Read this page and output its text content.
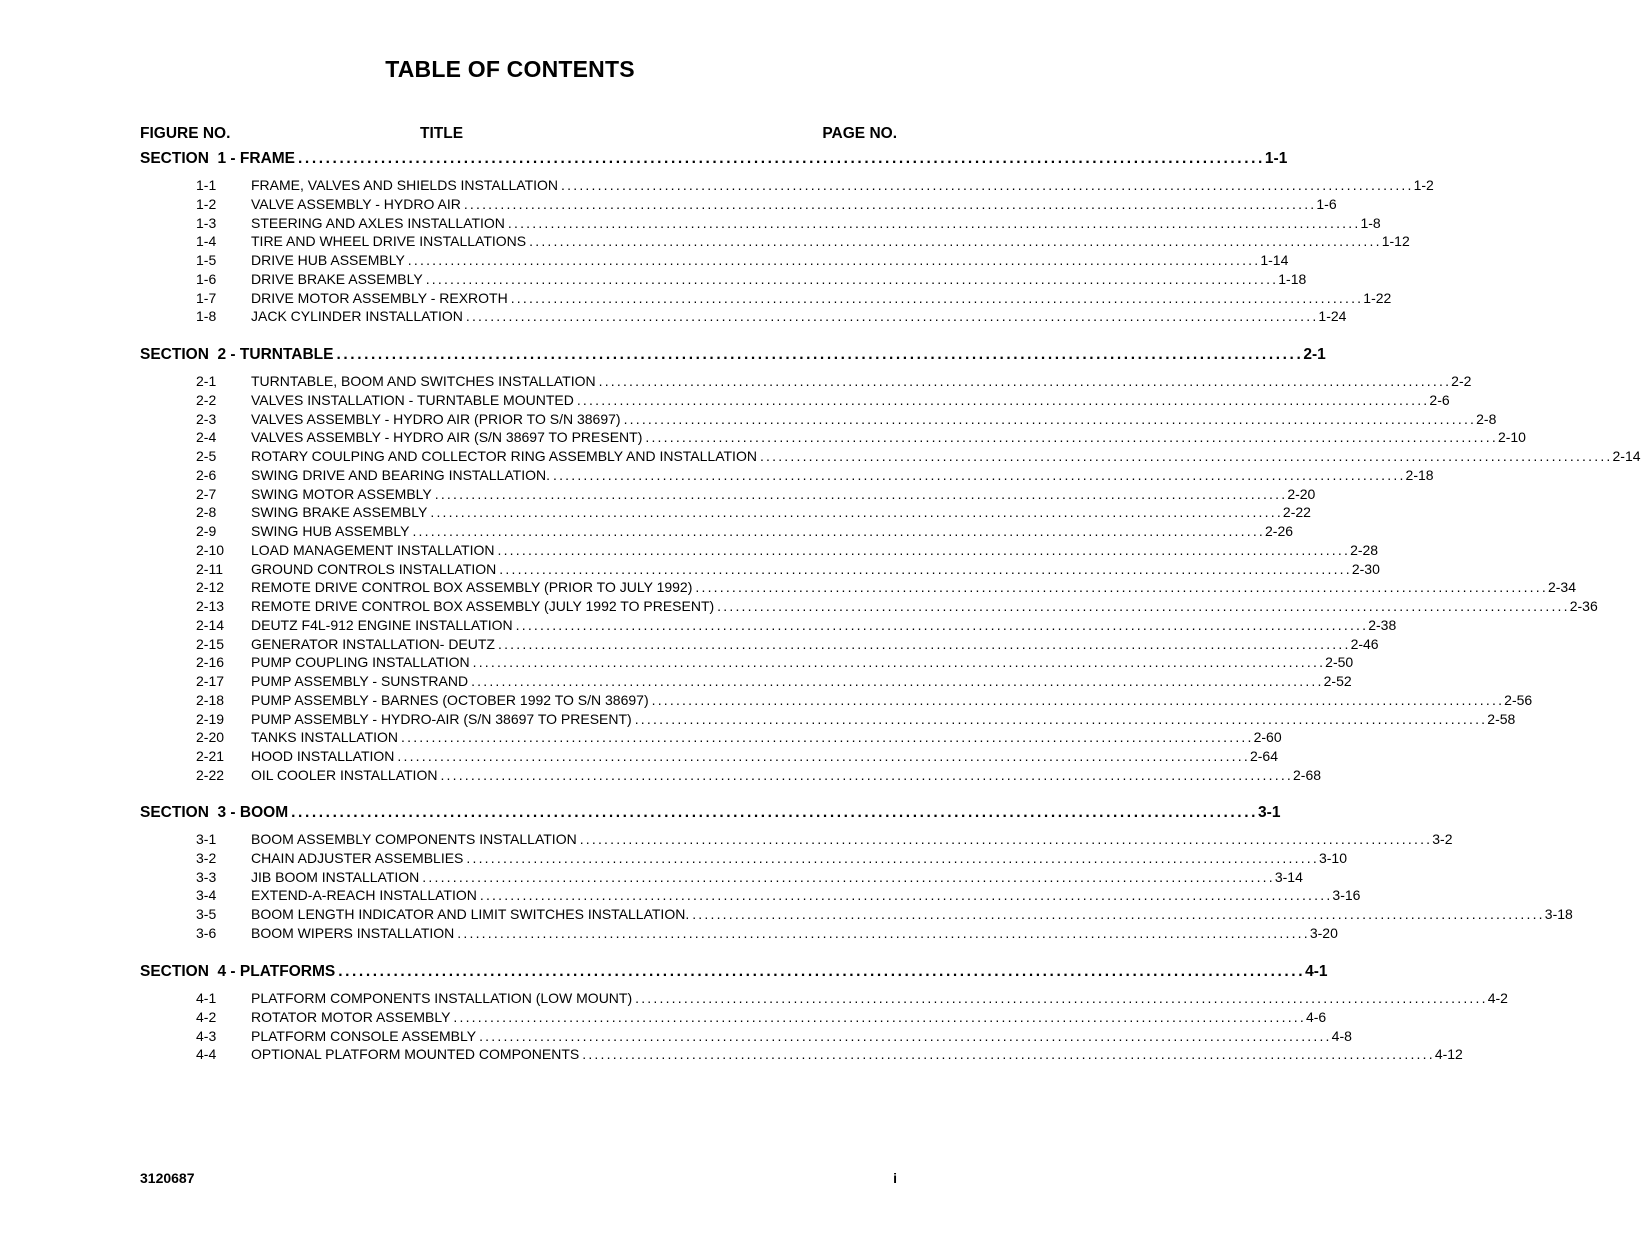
TABLE OF CONTENTS
FIGURE NO.	TITLE	PAGE NO.
SECTION  1 - FRAME ............................................................................................................................................ 1-1
1-1 FRAME, VALVES AND SHIELDS INSTALLATION ............................................................................................................................................ 1-2
1-2 VALVE ASSEMBLY - HYDRO AIR ............................................................................................................................................ 1-6
1-3 STEERING AND AXLES INSTALLATION ............................................................................................................................................ 1-8
1-4 TIRE AND WHEEL DRIVE INSTALLATIONS ............................................................................................................................................ 1-12
1-5 DRIVE HUB ASSEMBLY ............................................................................................................................................ 1-14
1-6 DRIVE BRAKE ASSEMBLY ............................................................................................................................................ 1-18
1-7 DRIVE MOTOR ASSEMBLY - REXROTH ............................................................................................................................................ 1-22
1-8 JACK CYLINDER INSTALLATION ............................................................................................................................................ 1-24
SECTION  2 - TURNTABLE ............................................................................................................................................ 2-1
2-1 TURNTABLE, BOOM AND SWITCHES INSTALLATION ............................................................................................................................................ 2-2
2-2 VALVES INSTALLATION - TURNTABLE MOUNTED ............................................................................................................................................ 2-6
2-3 VALVES ASSEMBLY - HYDRO AIR (PRIOR TO S/N 38697) ............................................................................................................................................ 2-8
2-4 VALVES ASSEMBLY - HYDRO AIR (S/N 38697 TO PRESENT) ............................................................................................................................................ 2-10
2-5 ROTARY COULPING AND COLLECTOR RING ASSEMBLY AND INSTALLATION ............................................................................................................................................ 2-14
2-6 SWING DRIVE AND BEARING INSTALLATION. ............................................................................................................................................ 2-18
2-7 SWING MOTOR ASSEMBLY ............................................................................................................................................ 2-20
2-8 SWING BRAKE ASSEMBLY ............................................................................................................................................ 2-22
2-9 SWING HUB ASSEMBLY ............................................................................................................................................ 2-26
2-10 LOAD MANAGEMENT INSTALLATION ............................................................................................................................................ 2-28
2-11 GROUND CONTROLS INSTALLATION ............................................................................................................................................ 2-30
2-12 REMOTE DRIVE CONTROL BOX ASSEMBLY (PRIOR TO JULY 1992) ............................................................................................................................................ 2-34
2-13 REMOTE DRIVE CONTROL BOX ASSEMBLY (JULY 1992 TO PRESENT) ............................................................................................................................................ 2-36
2-14 DEUTZ F4L-912 ENGINE INSTALLATION ............................................................................................................................................ 2-38
2-15 GENERATOR INSTALLATION- DEUTZ ............................................................................................................................................ 2-46
2-16 PUMP COUPLING INSTALLATION ............................................................................................................................................ 2-50
2-17 PUMP ASSEMBLY - SUNSTRAND ............................................................................................................................................ 2-52
2-18 PUMP ASSEMBLY - BARNES (OCTOBER 1992 TO S/N 38697) ............................................................................................................................................ 2-56
2-19 PUMP ASSEMBLY - HYDRO-AIR (S/N 38697 TO PRESENT) ............................................................................................................................................ 2-58
2-20 TANKS INSTALLATION ............................................................................................................................................ 2-60
2-21 HOOD INSTALLATION ............................................................................................................................................ 2-64
2-22 OIL COOLER INSTALLATION ............................................................................................................................................ 2-68
SECTION  3 - BOOM ............................................................................................................................................ 3-1
3-1 BOOM ASSEMBLY COMPONENTS INSTALLATION ............................................................................................................................................ 3-2
3-2 CHAIN ADJUSTER ASSEMBLIES ............................................................................................................................................ 3-10
3-3 JIB BOOM INSTALLATION ............................................................................................................................................ 3-14
3-4 EXTEND-A-REACH INSTALLATION ............................................................................................................................................ 3-16
3-5 BOOM LENGTH INDICATOR AND LIMIT SWITCHES INSTALLATION. ............................................................................................................................................ 3-18
3-6 BOOM WIPERS INSTALLATION ............................................................................................................................................ 3-20
SECTION  4 - PLATFORMS ............................................................................................................................................ 4-1
4-1 PLATFORM COMPONENTS INSTALLATION (LOW MOUNT) ............................................................................................................................................ 4-2
4-2 ROTATOR MOTOR ASSEMBLY ............................................................................................................................................ 4-6
4-3 PLATFORM CONSOLE ASSEMBLY ............................................................................................................................................ 4-8
4-4 OPTIONAL PLATFORM MOUNTED COMPONENTS ............................................................................................................................................ 4-12
3120687	i
